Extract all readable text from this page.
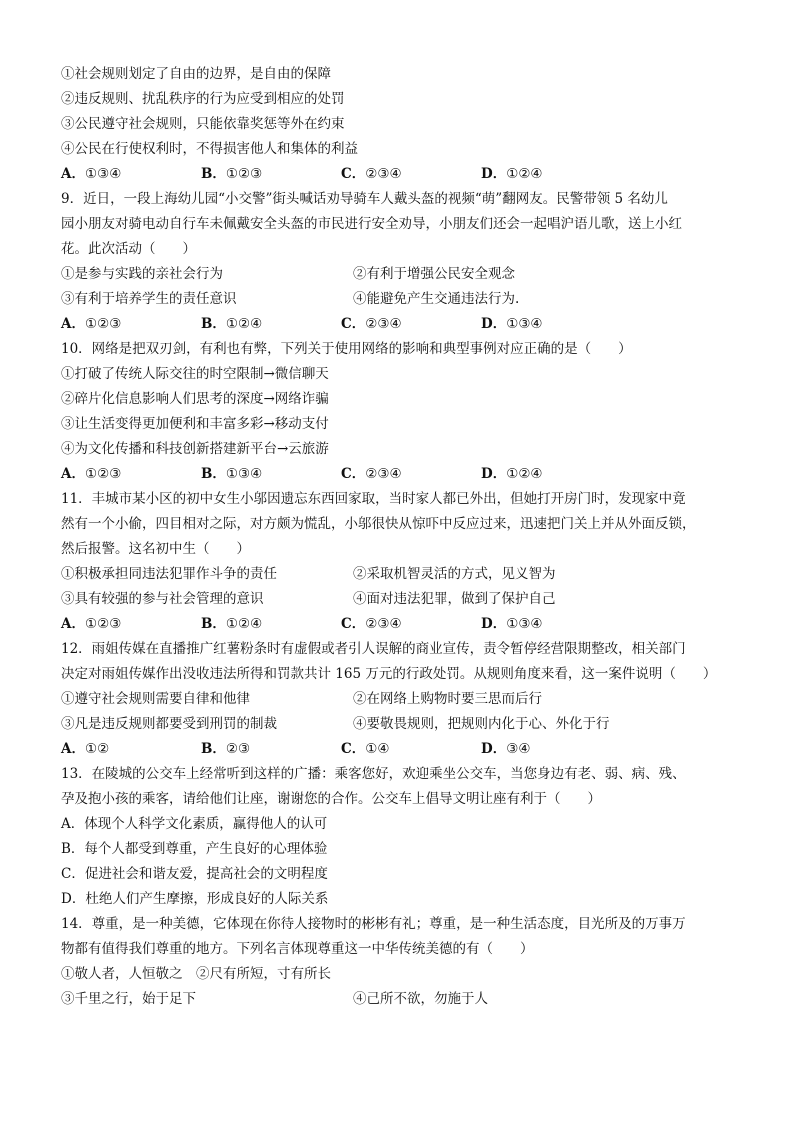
①社会规则划定了自由的边界，是自由的保障
②违反规则、扰乱秩序的行为应受到相应的处罚
③公民遵守社会规则，只能依靠奖惩等外在约束
④公民在行使权利时，不得损害他人和集体的利益
A．①③④	B．①②③	C．②③④	D．①②④
9．近日，一段上海幼儿园“小交警”街头喊话劝导骑车人戴头盔的视频“萌”翻网友。民警带领 5 名幼儿
园小朋友对骑电动自行车未佩戴安全头盔的市民进行安全劝导，小朋友们还会一起唱沪语儿歌，送上小红
花。此次活动（　　）
①是参与实践的亲社会行为	②有利于增强公民安全观念
③有利于培养学生的责任意识	④能避免产生交通违法行为.
A．①②③	B．①②④	C．②③④	D．①③④
10．网络是把双刃剑，有利也有弊，下列关于使用网络的影响和典型事例对应正确的是（　　）
①打破了传统人际交往的时空限制→微信聊天
②碎片化信息影响人们思考的深度→网络诈骗
③让生活变得更加便利和丰富多彩→移动支付
④为文化传播和科技创新搭建新平台→云旅游
A．①②③	B．①③④	C．②③④	D．①②④
11．丰城市某小区的初中女生小邬因遗忘东西回家取，当时家人都已外出，但她打开房门时，发现家中竟
然有一个小偷，四目相对之际，对方颇为慌乱，小邬很快从惊吓中反应过来，迅速把门关上并从外面反锁，
然后报警。这名初中生（　　）
①积极承担同违法犯罪作斗争的责任	②采取机智灵活的方式，见义智为
③具有较强的参与社会管理的意识	④面对违法犯罪，做到了保护自己
A．①②③	B．①②④	C．②③④	D．①③④
12．雨姐传媒在直播推广红薯粉条时有虚假或者引人误解的商业宣传，责令暂停经营限期整改，相关部门
决定对雨姐传媒作出没收违法所得和罚款共计 165 万元的行政处罚。从规则角度来看，这一案件说明（　　）
①遵守社会规则需要自律和他律	②在网络上购物时要三思而后行
③凡是违反规则都要受到刑罚的制裁	④要敬畏规则，把规则内化于心、外化于行
A．①②	B．②③	C．①④	D．③④
13．在陵城的公交车上经常听到这样的广播：乘客您好，欢迎乘坐公交车，当您身边有老、弱、病、残、
孕及抱小孩的乘客，请给他们让座，谢谢您的合作。公交车上倡导文明让座有利于（　　）
A．体现个人科学文化素质，赢得他人的认可
B．每个人都受到尊重，产生良好的心理体验
C．促进社会和谐友爱，提高社会的文明程度
D．杜绝人们产生摩擦，形成良好的人际关系
14．尊重，是一种美德，它体现在你待人接物时的彬彬有礼；尊重，是一种生活态度，目光所及的万事万
物都有值得我们尊重的地方。下列名言体现尊重这一中华传统美德的有（　　）
①敬人者，人恒敬之　②尺有所短，寸有所长
③千里之行，始于足下	④己所不欲，勿施于人
